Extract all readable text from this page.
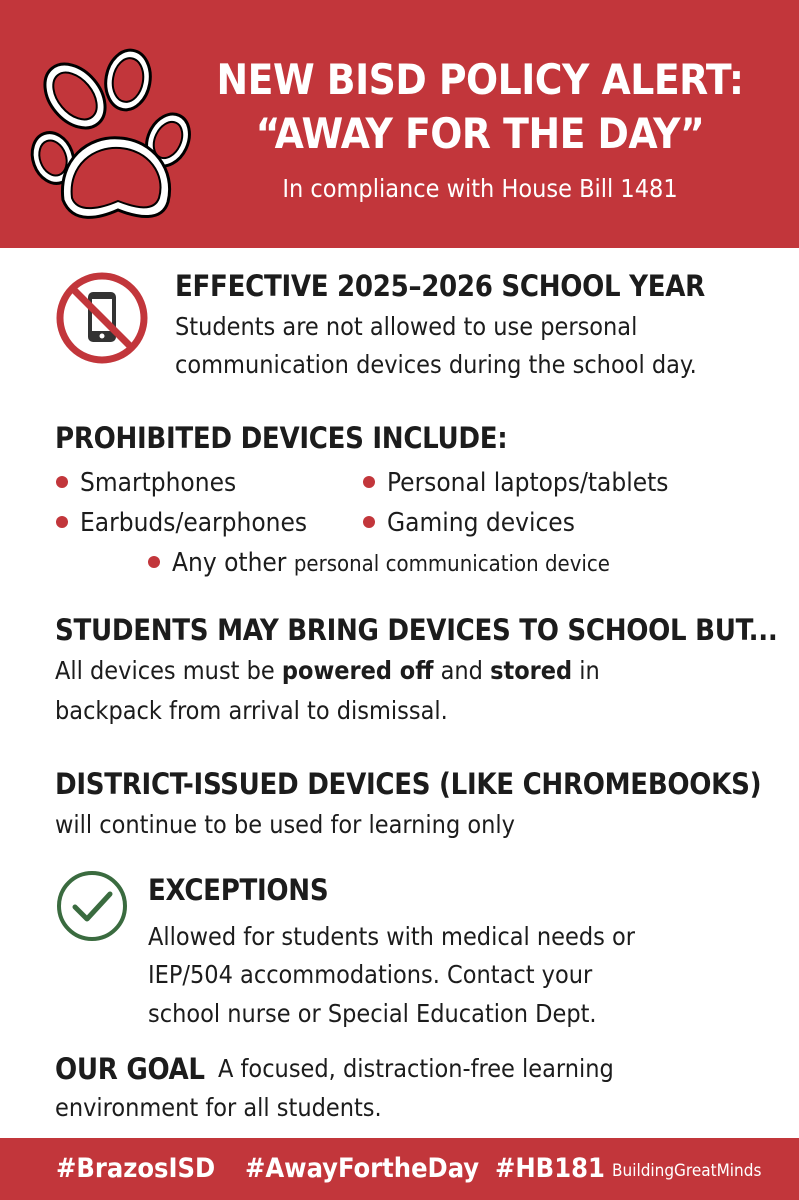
NEW BISD POLICY ALERT:
“AWAY FOR THE DAY”
In compliance with House Bill 1481
EFFECTIVE 2025–2026 SCHOOL YEAR
Students are not allowed to use personal
communication devices during the school day.
PROHIBITED DEVICES INCLUDE:
Smartphones	Personal laptops/tablets
Earbuds/earphones	Gaming devices
Any other personal communication device
STUDENTS MAY BRING DEVICES TO SCHOOL BUT...
All devices must be powered off and stored in
backpack from arrival to dismissal.
DISTRICT-ISSUED DEVICES (LIKE CHROMEBOOKS)
will continue to be used for learning only
EXCEPTIONS
Allowed for students with medical needs or
IEP/504 accommodations. Contact your
school nurse or Special Education Dept.
OUR GOAL A focused, distraction-free learning
environment for all students.
#BrazosISD #AwayFortheDay #HB181 BuildingGreatMinds
